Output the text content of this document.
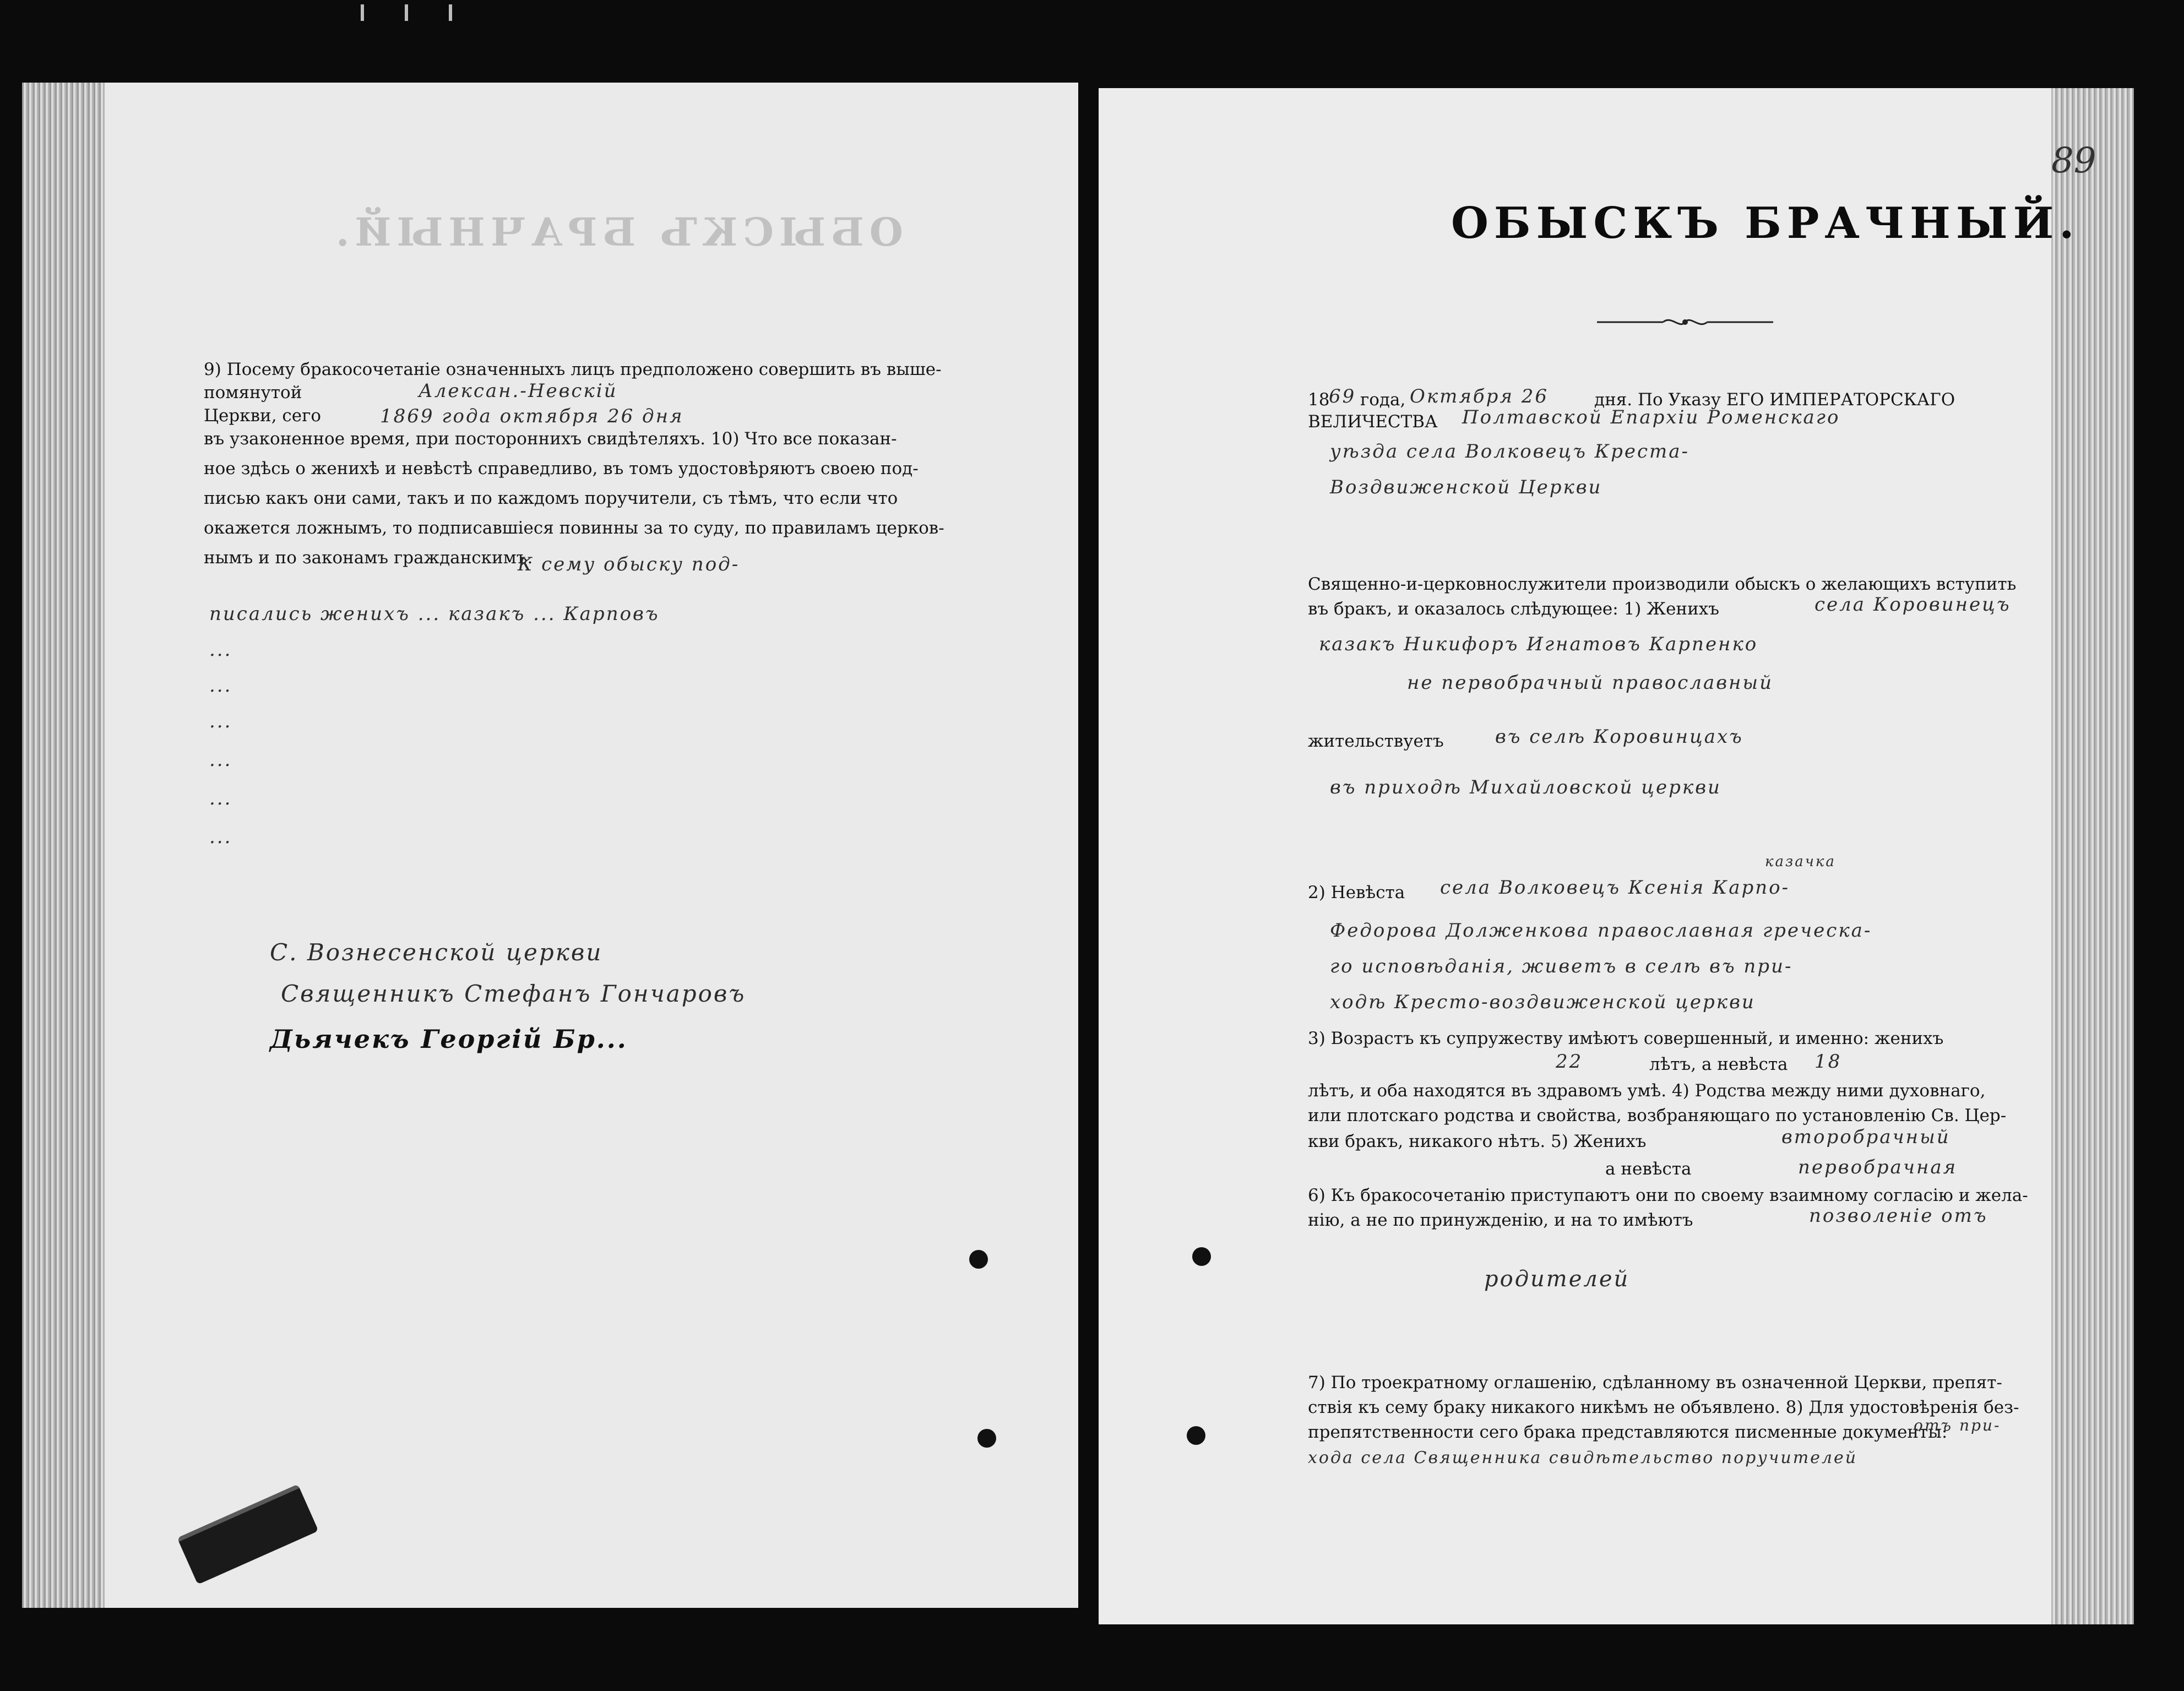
ОБЫСКЪ БРАЧНЫЙ.
9) Посему бракосочетаніе означенныхъ лицъ предположено совершить въ выше-
помянутой
Церкви, сего
въ узаконенное время, при постороннихъ свидѣтеляхъ. 10) Что все показан-
ное здѣсь о женихѣ и невѣстѣ справедливо, въ томъ удостовѣряютъ своею под-
писью какъ они сами, такъ и по каждомъ поручители, съ тѣмъ, что если что
окажется ложнымъ, то подписавшіеся повинны за то суду, по правиламъ церков-
нымъ и по законамъ гражданскимъ.
Алексан.-Невскій
1869 года октября 26 дня
К сему обыску под-
писались женихъ ... казакъ ... Карповъ
...
...
...
...
...
...
С. Вознесенской церкви
Священникъ Стефанъ Гончаровъ
Дьячекъ Георгій Бр...
89
ОБЫСКЪ БРАЧНЫЙ.
18
69 года, Октября 26	дня. По Указу ЕГО ИМПЕРАТОРСКАГО
ВЕЛИЧЕСТВА Полтавской Епархіи Роменскаго
уѣзда села Волковецъ Креста-
Воздвиженской Церкви
Священно-и-церковнослужители производили обыскъ о желающихъ вступить
въ бракъ, и оказалось слѣдующее: 1) Женихъ	села Коровинецъ
казакъ Никифоръ Игнатовъ Карпенко
не первобрачный православный
жительствуетъ	въ селѣ Коровинцахъ
въ приходѣ Михайловской церкви
2) Невѣста
казачка
села Волковецъ Ксенія Карпо-
Федорова Долженкова православная греческа-
го исповѣданія, живетъ в селѣ въ при-
ходѣ Кресто-воздвиженской церкви
3) Возрастъ къ супружеству имѣютъ совершенный, и именно: женихъ
22	лѣтъ, а невѣста 18
лѣтъ, и оба находятся въ здравомъ умѣ. 4) Родства между ними духовнаго,
или плотскаго родства и свойства, возбраняющаго по установленію Св. Цер-
кви бракъ, никакого нѣтъ. 5) Женихъ	второбрачный
а невѣста	первобрачная
6) Къ бракосочетанію приступаютъ они по своему взаимному согласію и жела-
нію, а не по принужденію, и на то имѣютъ	позволеніе отъ
родителей
7) По троекратному оглашенію, сдѣланному въ означенной Церкви, препят-
ствія къ сему браку никакого никѣмъ не объявлено. 8) Для удостовѣренія без-
препятственности сего брака представляются писменные документы:
отъ при-
хода села Священника свидѣтельство поручителей
